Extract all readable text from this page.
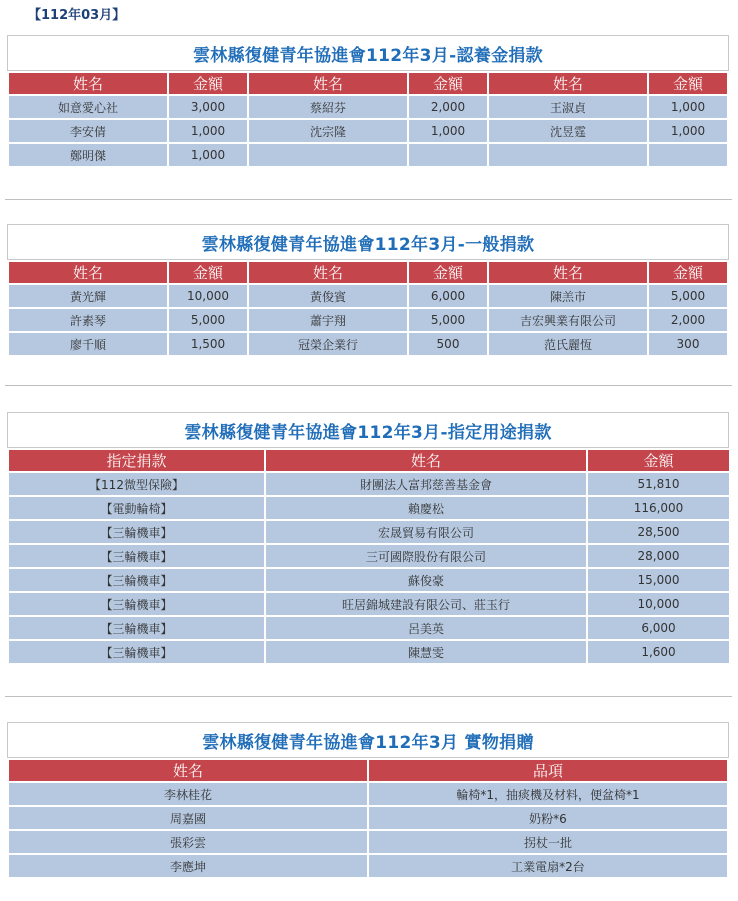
【112年03月】
雲林縣復健青年協進會112年3月-認養金捐款
姓名	金額	姓名	金額	姓名	金額
如意愛心社	3,000	蔡紹芬	2,000	王淑貞	1,000
李安倩	1,000	沈宗隆	1,000	沈昱霆	1,000
鄭明傑	1,000				
雲林縣復健青年協進會112年3月-一般捐款
姓名	金額	姓名	金額	姓名	金額
黃光輝	10,000	黃俊賓	6,000	陳羔市	5,000
許素琴	5,000	蕭宇翔	5,000	吉宏興業有限公司	2,000
廖千順	1,500	冠榮企業行	500	范氏麗恆	300
雲林縣復健青年協進會112年3月-指定用途捐款
指定捐款	姓名	金額
【112微型保險】	財團法人富邦慈善基金會	51,810
【電動輪椅】	賴慶松	116,000
【三輪機車】	宏晟貿易有限公司	28,500
【三輪機車】	三可國際股份有限公司	28,000
【三輪機車】	蘇俊豪	15,000
【三輪機車】	旺居錦城建設有限公司、莊玉行	10,000
【三輪機車】	呂美英	6,000
【三輪機車】	陳慧雯	1,600
雲林縣復健青年協進會112年3月 實物捐贈
姓名	品項
李林桂花	輪椅*1，抽痰機及材料，便盆椅*1
周嘉國	奶粉*6
張彩雲	拐杖一批
李應坤	工業電扇*2台
